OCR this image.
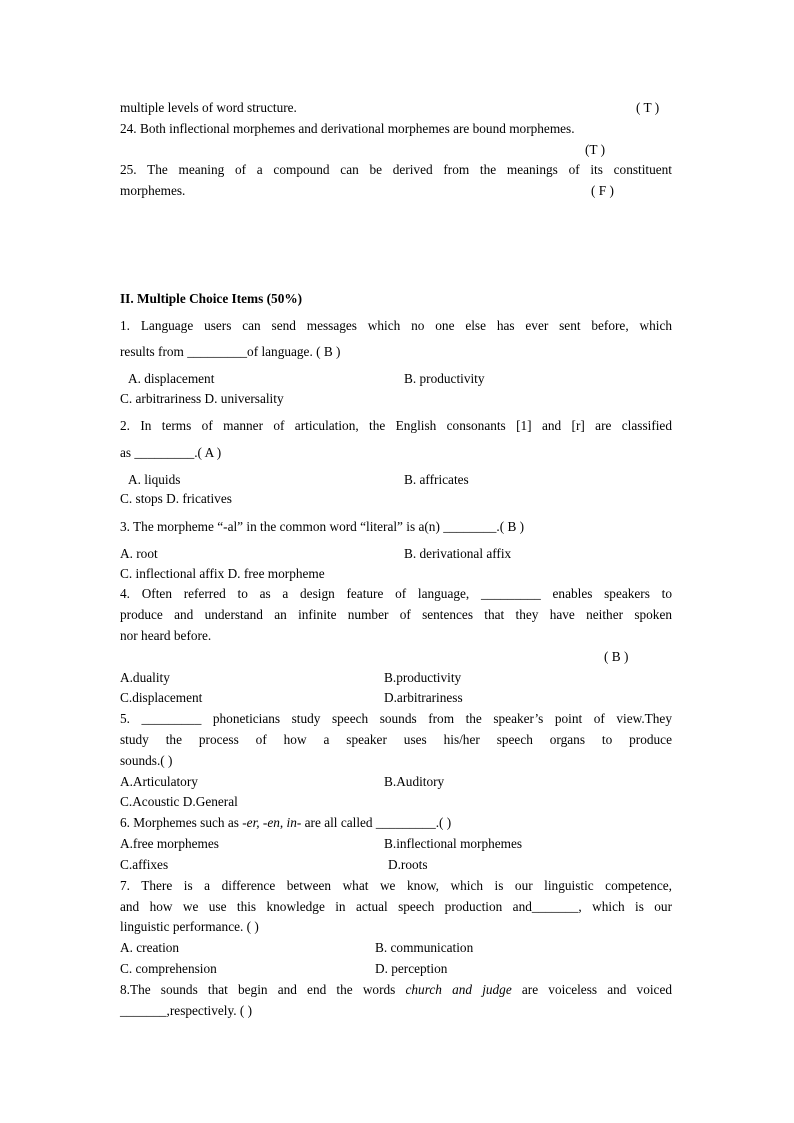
multiple levels of word structure.	( T )
24. Both inflectional morphemes and derivational morphemes are bound morphemes.
(T )
25. The meaning of a compound can be derived from the meanings of its constituent
morphemes.	( F )
II. Multiple Choice Items (50%)
1. Language users can send messages which no one else has ever sent before, which
results from _________of language. ( B )
A. displacement	B. productivity
C. arbitrariness D. universality
2. In terms of manner of articulation, the English consonants [1] and [r] are classified
as _________.( A )
A. liquids	B. affricates
C. stops D. fricatives
3. The morpheme “-al” in the common word “literal” is a(n) ________.( B )
A. root	B. derivational affix
C. inflectional affix D. free morpheme
4. Often referred to as a design feature of language, _________ enables speakers to
produce and understand an infinite number of sentences that they have neither spoken
nor heard before.
( B )
A.duality	B.productivity
C.displacement	D.arbitrariness
5. _________ phoneticians study speech sounds from the speaker’s point of view.They
study the process of how a speaker uses his/her speech organs to produce
sounds.( )
A.Articulatory	B.Auditory
C.Acoustic D.General
6. Morphemes such as -er, -en, in- are all called _________.( )
A.free morphemes	B.inflectional morphemes
C.affixes	D.roots
7. There is a difference between what we know, which is our linguistic competence,
and how we use this knowledge in actual speech production and_______, which is our
linguistic performance. ( )
A. creation	B. communication
C. comprehension	D. perception
8.The sounds that begin and end the words church and judge are voiceless and voiced
_______,respectively. ( )
